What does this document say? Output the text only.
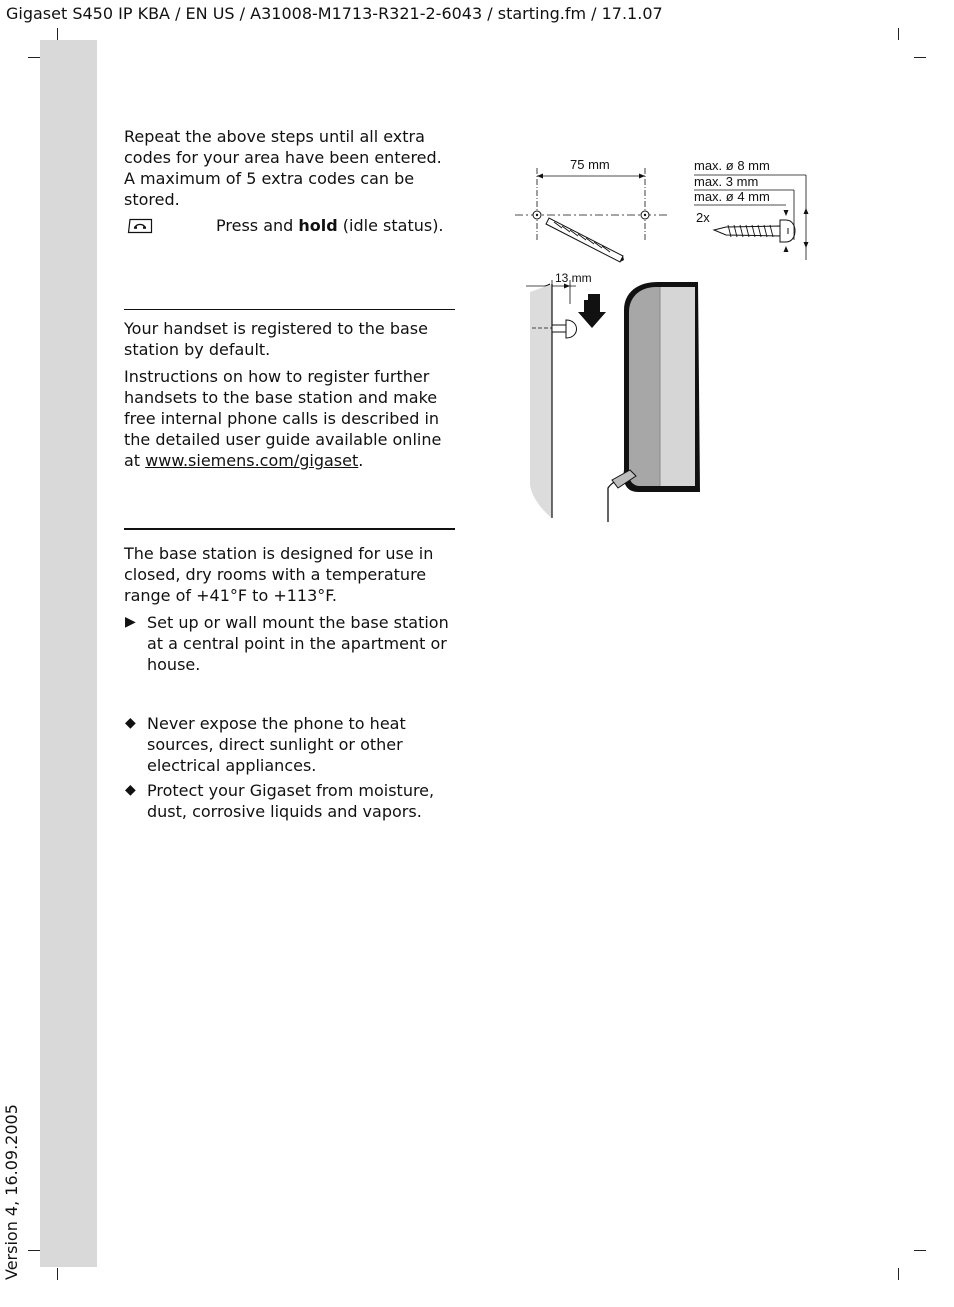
Gigaset S450 IP KBA / EN US / A31008-M1713-R321-2-6043 / starting.fm / 17.1.07
Version 4, 16.09.2005

Repeat the above steps until all extra codes for your area have been entered. A maximum of 5 extra codes can be stored.

Press and hold (idle status).

Your handset is registered to the base station by default.

Instructions on how to register further handsets to the base station and make free internal phone calls is described in the detailed user guide available online at www.siemens.com/gigaset.

The base station is designed for use in closed, dry rooms with a temperature range of +41°F to +113°F.

▶ Set up or wall mount the base station at a central point in the apartment or house.
◆ Never expose the phone to heat sources, direct sunlight or other electrical appliances.
◆ Protect your Gigaset from moisture, dust, corrosive liquids and vapors.
75 mm	max. ø 8 mm
max. 3 mm
max. ø 4 mm
2x
13 mm
